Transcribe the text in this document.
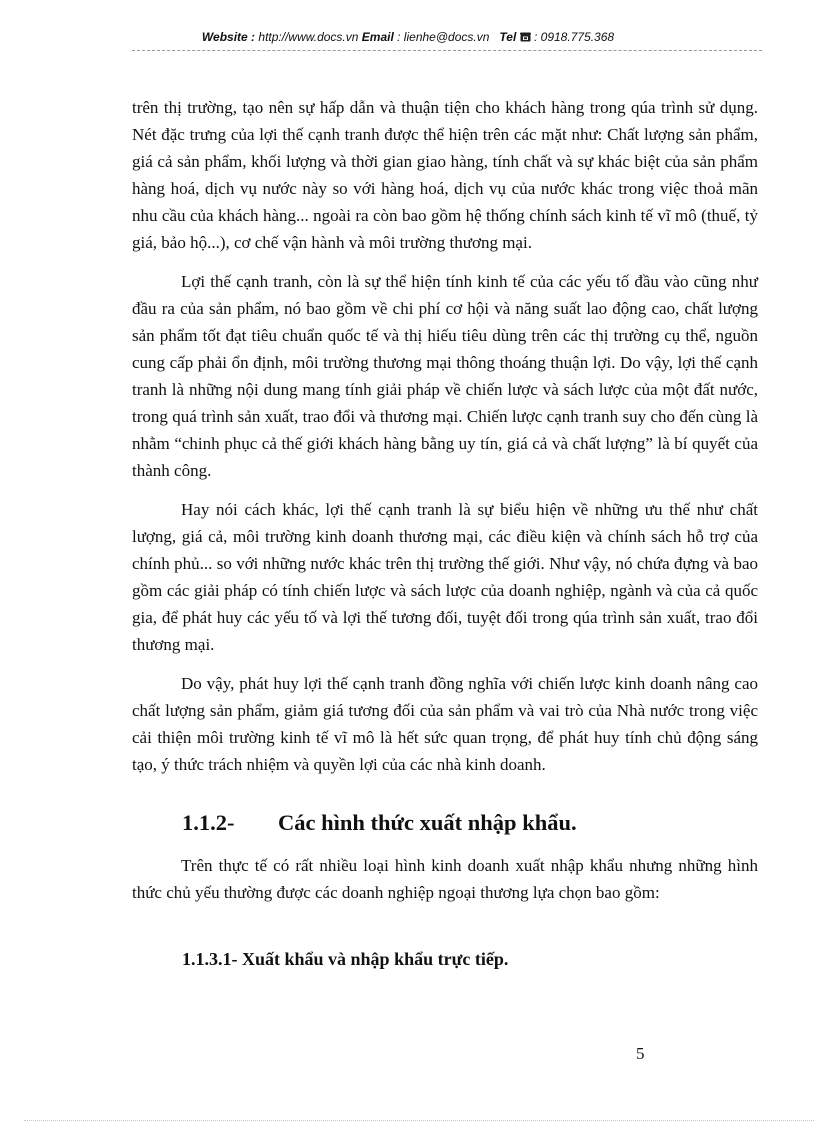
Website : http://www.docs.vn Email : lienhe@docs.vn Tel : 0918.775.368

trên thị trường, tạo nên sự hấp dẫn và thuận tiện cho khách hàng trong qúa trình sử dụng. Nét đặc trưng của lợi thế cạnh tranh được thể hiện trên các mặt như: Chất lượng sản phẩm, giá cả sản phẩm, khối lượng và thời gian giao hàng, tính chất và sự khác biệt của sản phẩm hàng hoá, dịch vụ nước này so với hàng hoá, dịch vụ của nước khác trong việc thoả mãn nhu cầu của khách hàng... ngoài ra còn bao gồm hệ thống chính sách kinh tế vĩ mô (thuế, tỷ giá, bảo hộ...), cơ chế vận hành và môi trường thương mại.

Lợi thế cạnh tranh, còn là sự thể hiện tính kinh tế của các yếu tố đầu vào cũng như đầu ra của sản phẩm, nó bao gồm về chi phí cơ hội và năng suất lao động cao, chất lượng sản phẩm tốt đạt tiêu chuẩn quốc tế và thị hiếu tiêu dùng trên các thị trường cụ thể, nguồn cung cấp phải ổn định, môi trường thương mại thông thoáng thuận lợi. Do vậy, lợi thế cạnh tranh là những nội dung mang tính giải pháp về chiến lược và sách lược của một đất nước, trong quá trình sản xuất, trao đổi và thương mại. Chiến lược cạnh tranh suy cho đến cùng là nhằm “chinh phục cả thế giới khách hàng bằng uy tín, giá cả và chất lượng” là bí quyết của thành công.

Hay nói cách khác, lợi thế cạnh tranh là sự biểu hiện về những ưu thế như chất lượng, giá cả, môi trường kinh doanh thương mại, các điều kiện và chính sách hỗ trợ của chính phủ... so với những nước khác trên thị trường thế giới. Như vậy, nó chứa đựng và bao gồm các giải pháp có tính chiến lược và sách lược của doanh nghiệp, ngành và của cả quốc gia, để phát huy các yếu tố và lợi thế tương đối, tuyệt đối trong qúa trình sản xuất, trao đổi thương mại.

Do vậy, phát huy lợi thế cạnh tranh đồng nghĩa với chiến lược kinh doanh nâng cao chất lượng sản phẩm, giảm giá tương đối của sản phẩm và vai trò của Nhà nước trong việc cải thiện môi trường kinh tế vĩ mô là hết sức quan trọng, để phát huy tính chủ động sáng tạo, ý thức trách nhiệm và quyền lợi của các nhà kinh doanh.

1.1.2- Các hình thức xuất nhập khẩu.

Trên thực tế có rất nhiều loại hình kinh doanh xuất nhập khẩu nhưng những hình thức chủ yếu thường được các doanh nghiệp ngoại thương lựa chọn bao gồm:

1.1.3.1- Xuất khẩu và nhập khẩu trực tiếp.
5
